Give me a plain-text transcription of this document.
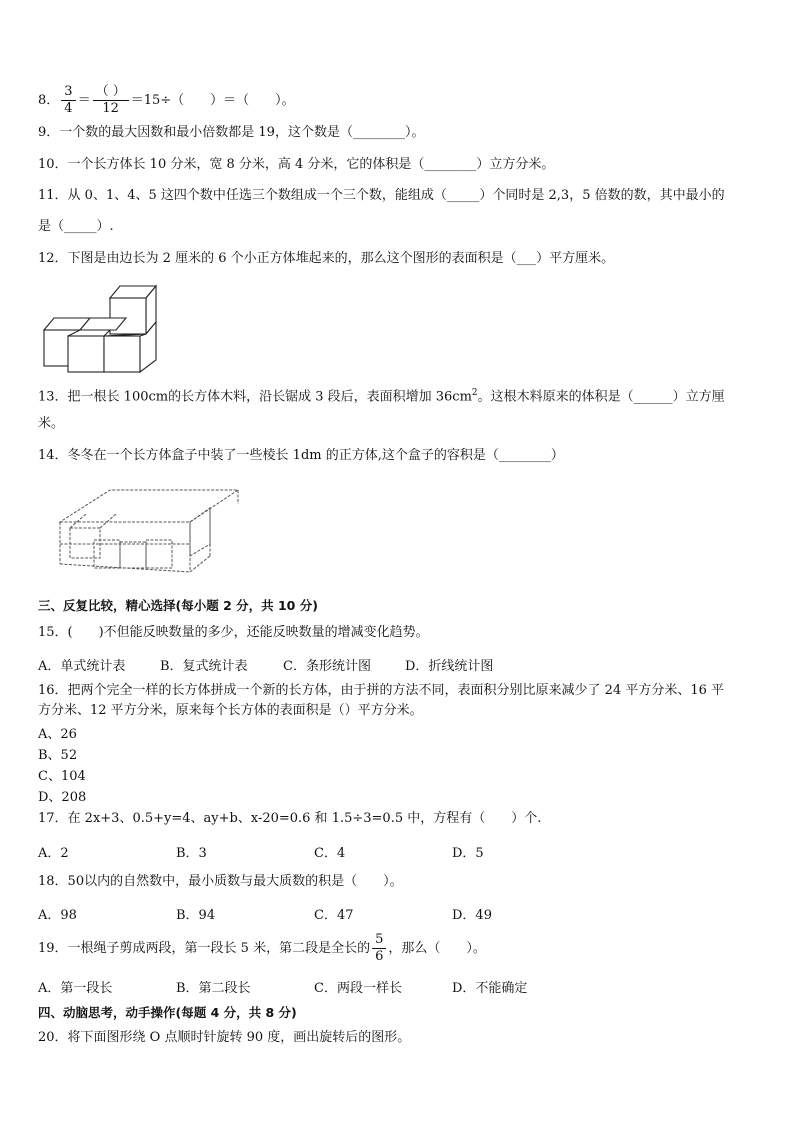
8． $\frac{3}{4} = \frac{( )}{12} =15\div$（　　）＝（　　）。
9．一个数的最大因数和最小倍数都是 19，这个数是（________）。
10．一个长方体长 10 分米，宽 8 分米，高 4 分米，它的体积是（________）立方分米。
11．从 0、1、4、5 这四个数中任选三个数组成一个三个数，能组成（_____）个同时是 2,3，5 倍数的数，其中最小的
是（_____）.
12．下图是由边长为 2 厘米的 6 个小正方体堆起来的，那么这个图形的表面积是（___）平方厘米。
13．把一根长 100cm的长方体木料，沿长锯成 3 段后，表面积增加 $36cm^2$。这根木料原来的体积是（______）立方厘
米。
14．冬冬在一个长方体盒子中装了一些棱长 1dm 的正方体,这个盒子的容积是（________）
三、反复比较，精心选择(每小题 2 分，共 10 分)
15．(　　)不但能反映数量的多少，还能反映数量的增减变化趋势。
A．单式统计表	B．复式统计表	C．条形统计图	D．折线统计图
16．把两个完全一样的长方体拼成一个新的长方体，由于拼的方法不同，表面积分别比原来减少了 24 平方分米、16 平
方分米、12 平方分米，原来每个长方体的表面积是（）平方分米。
A、26
B、52
C、104
D、208
17．在 2x+3、0.5+y=4、ay+b、x-20=0.6 和 1.5÷3=0.5 中，方程有（　　）个.
A．2	B．3	C．4	D．5
18．50以内的自然数中，最小质数与最大质数的积是（　　）。
A．98	B．94	C．47	D．49
19．一根绳子剪成两段，第一段长 5 米，第二段是全长的 $\frac{5}{6}$ ，那么（　　）。
A．第一段长	B．第二段长	C．两段一样长	D．不能确定
四、动脑思考，动手操作(每题 4 分，共 8 分)
20．将下面图形绕 O 点顺时针旋转 90 度，画出旋转后的图形。
